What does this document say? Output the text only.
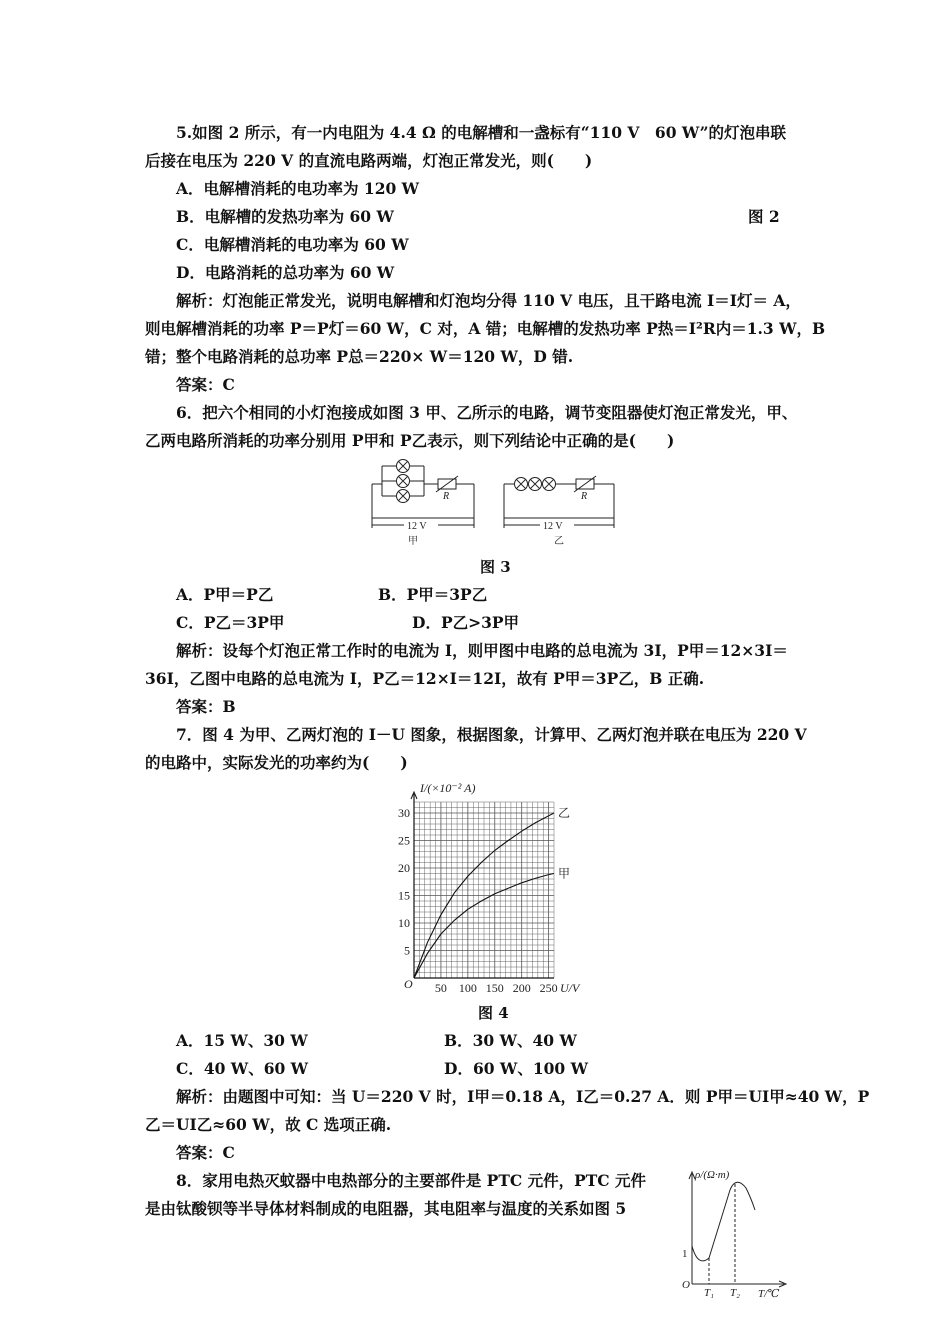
5.如图 2 所示，有一内电阻为 4.4 Ω 的电解槽和一盏标有“110 V　60 W”的灯泡串联
后接在电压为 220 V 的直流电路两端，灯泡正常发光，则(　　)
A．电解槽消耗的电功率为 120 W
B．电解槽的发热功率为 60 W	图 2
C．电解槽消耗的电功率为 60 W
D．电路消耗的总功率为 60 W
解析：灯泡能正常发光，说明电解槽和灯泡均分得 110 V 电压，且干路电流 I＝I灯＝ A，
则电解槽消耗的功率 P＝P灯＝60 W，C 对，A 错；电解槽的发热功率 P热＝I²R内＝1.3 W，B
错；整个电路消耗的总功率 P总＝220× W＝120 W，D 错.
答案：C
6．把六个相同的小灯泡接成如图 3 甲、乙所示的电路，调节变阻器使灯泡正常发光，甲、
乙两电路所消耗的功率分别用 P甲和 P乙表示，则下列结论中正确的是(　　)
R	R
12 V	12 V
甲	乙
图 3
A．P甲＝P乙	B．P甲＝3P乙
C．P乙＝3P甲	D．P乙>3P甲
解析：设每个灯泡正常工作时的电流为 I，则甲图中电路的总电流为 3I，P甲＝12×3I＝
36I，乙图中电路的总电流为 I，P乙＝12×I＝12I，故有 P甲＝3P乙，B 正确.
答案：B
7．图 4 为甲、乙两灯泡的 I－U 图象，根据图象，计算甲、乙两灯泡并联在电压为 220 V
的电路中，实际发光的功率约为(　　)
乙
甲
50 100 150 200 250
5
10
15
20
25
30
O	U/V
I/(×10⁻² A)
图 4
A．15 W、30 W	B．30 W、40 W
C．40 W、60 W	D．60 W、100 W
解析：由题图中可知：当 U＝220 V 时，I甲＝0.18 A，I乙＝0.27 A．则 P甲＝UI甲≈40 W，P
乙＝UI乙≈60 W，故 C 选项正确.
答案：C
8．家用电热灭蚊器中电热部分的主要部件是 PTC 元件，PTC 元件
是由钛酸钡等半导体材料制成的电阻器，其电阻率与温度的关系如图 5
ρ/(Ω·m)
1
O
T₁ T₂ T/℃
